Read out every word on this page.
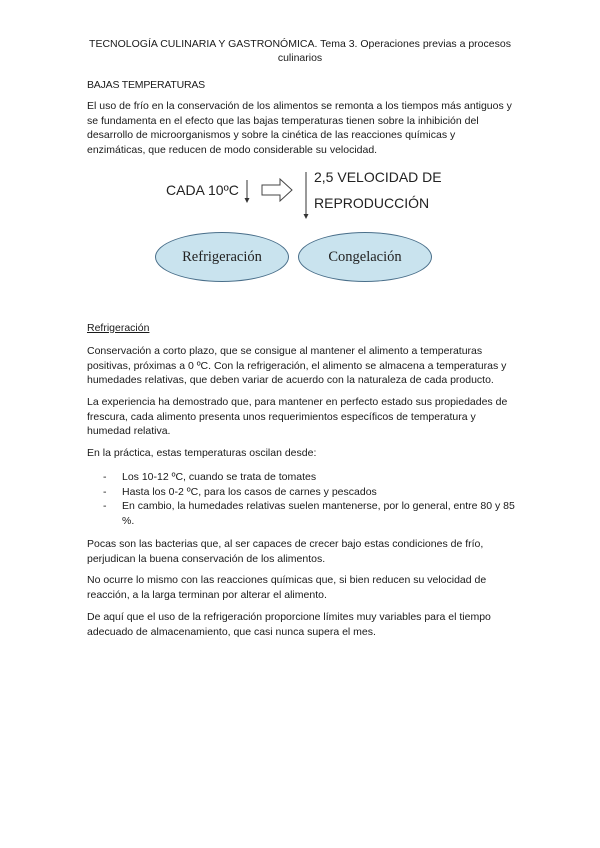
TECNOLOGÍA CULINARIA Y GASTRONÓMICA. Tema 3. Operaciones previas a procesos
culinarios
BAJAS TEMPERATURAS
El uso de frío en la conservación de los alimentos se remonta a los tiempos más antiguos y se fundamenta en el efecto que las bajas temperaturas tienen sobre la inhibición del desarrollo de microorganismos y sobre la cinética de las reacciones químicas y enzimáticas, que reducen de modo considerable su velocidad.
CADA 10ºC
2,5 VELOCIDAD DE
REPRODUCCIÓN
Refrigeración	Congelación
Refrigeración
Conservación a corto plazo, que se consigue al mantener el alimento a temperaturas positivas, próximas a 0 ºC. Con la refrigeración, el alimento se almacena a temperaturas y humedades relativas, que deben variar de acuerdo con la naturaleza de cada producto.
La experiencia ha demostrado que, para mantener en perfecto estado sus propiedades de frescura, cada alimento presenta unos requerimientos específicos de temperatura y humedad relativa.
En la práctica, estas temperaturas oscilan desde:
- Los 10-12 ºC, cuando se trata de tomates
- Hasta los 0-2 ºC, para los casos de carnes y pescados
- En cambio, la humedades relativas suelen mantenerse, por lo general, entre 80 y 85 %.
Pocas son las bacterias que, al ser capaces de crecer bajo estas condiciones de frío, perjudican la buena conservación de los alimentos.
No ocurre lo mismo con las reacciones químicas que, si bien reducen su velocidad de reacción, a la larga terminan por alterar el alimento.
De aquí que el uso de la refrigeración proporcione límites muy variables para el tiempo adecuado de almacenamiento, que casi nunca supera el mes.
